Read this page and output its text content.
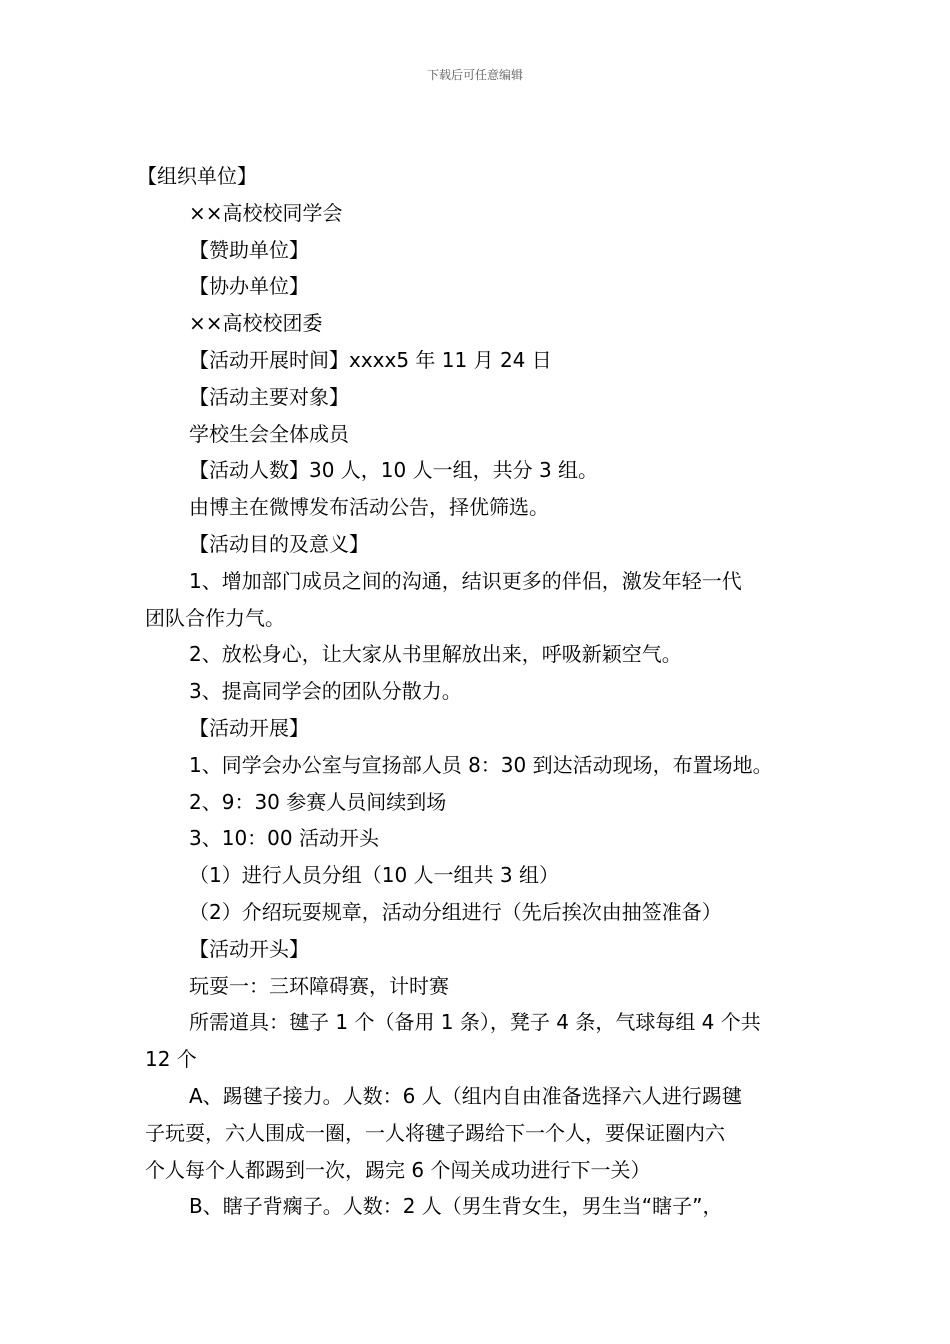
下载后可任意编辑
【组织单位】
××高校校同学会
【赞助单位】
【协办单位】
××高校校团委
【活动开展时间】xxxx5 年 11 月 24 日
【活动主要对象】
学校生会全体成员
【活动人数】30 人，10 人一组，共分 3 组。
由博主在微博发布活动公告，择优筛选。
【活动目的及意义】
1、增加部门成员之间的沟通，结识更多的伴侣，激发年轻一代
团队合作力气。
2、放松身心，让大家从书里解放出来，呼吸新颖空气。
3、提高同学会的团队分散力。
【活动开展】
1、同学会办公室与宣扬部人员 8：30 到达活动现场，布置场地。
2、9：30 参赛人员间续到场
3、10：00 活动开头
（1）进行人员分组（10 人一组共 3 组）
（2）介绍玩耍规章，活动分组进行（先后挨次由抽签准备）
【活动开头】
玩耍一：三环障碍赛，计时赛
所需道具：毽子 1 个（备用 1 条），凳子 4 条，气球每组 4 个共
12 个
A、踢毽子接力。人数：6 人（组内自由准备选择六人进行踢毽
子玩耍，六人围成一圈，一人将毽子踢给下一个人，要保证圈内六
个人每个人都踢到一次，踢完 6 个闯关成功进行下一关）
B、瞎子背瘸子。人数：2 人（男生背女生，男生当“瞎子”，
